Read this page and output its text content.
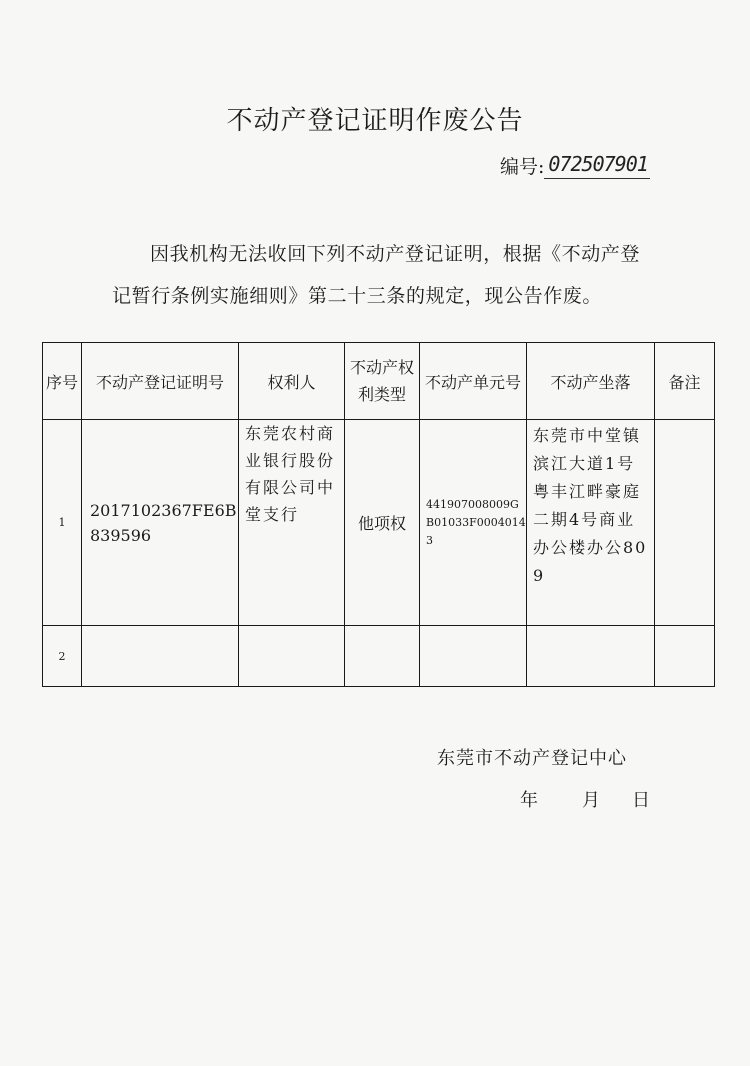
不动产登记证明作废公告
编号: 072507901
因我机构无法收回下列不动产登记证明，根据《不动产登记暂行条例实施细则》第二十三条的规定，现公告作废。
序号	不动产登记证明号	权利人	不动产权利类型	不动产单元号	不动产坐落	备注
1	2017102367FE6B839596	东莞农村商业银行股份有限公司中堂支行	他项权	441907008009GB01033F00040143	东莞市中堂镇滨江大道1号粤丰江畔豪庭二期4号商业办公楼办公809	

2						
东莞市不动产登记中心
年 月 日
